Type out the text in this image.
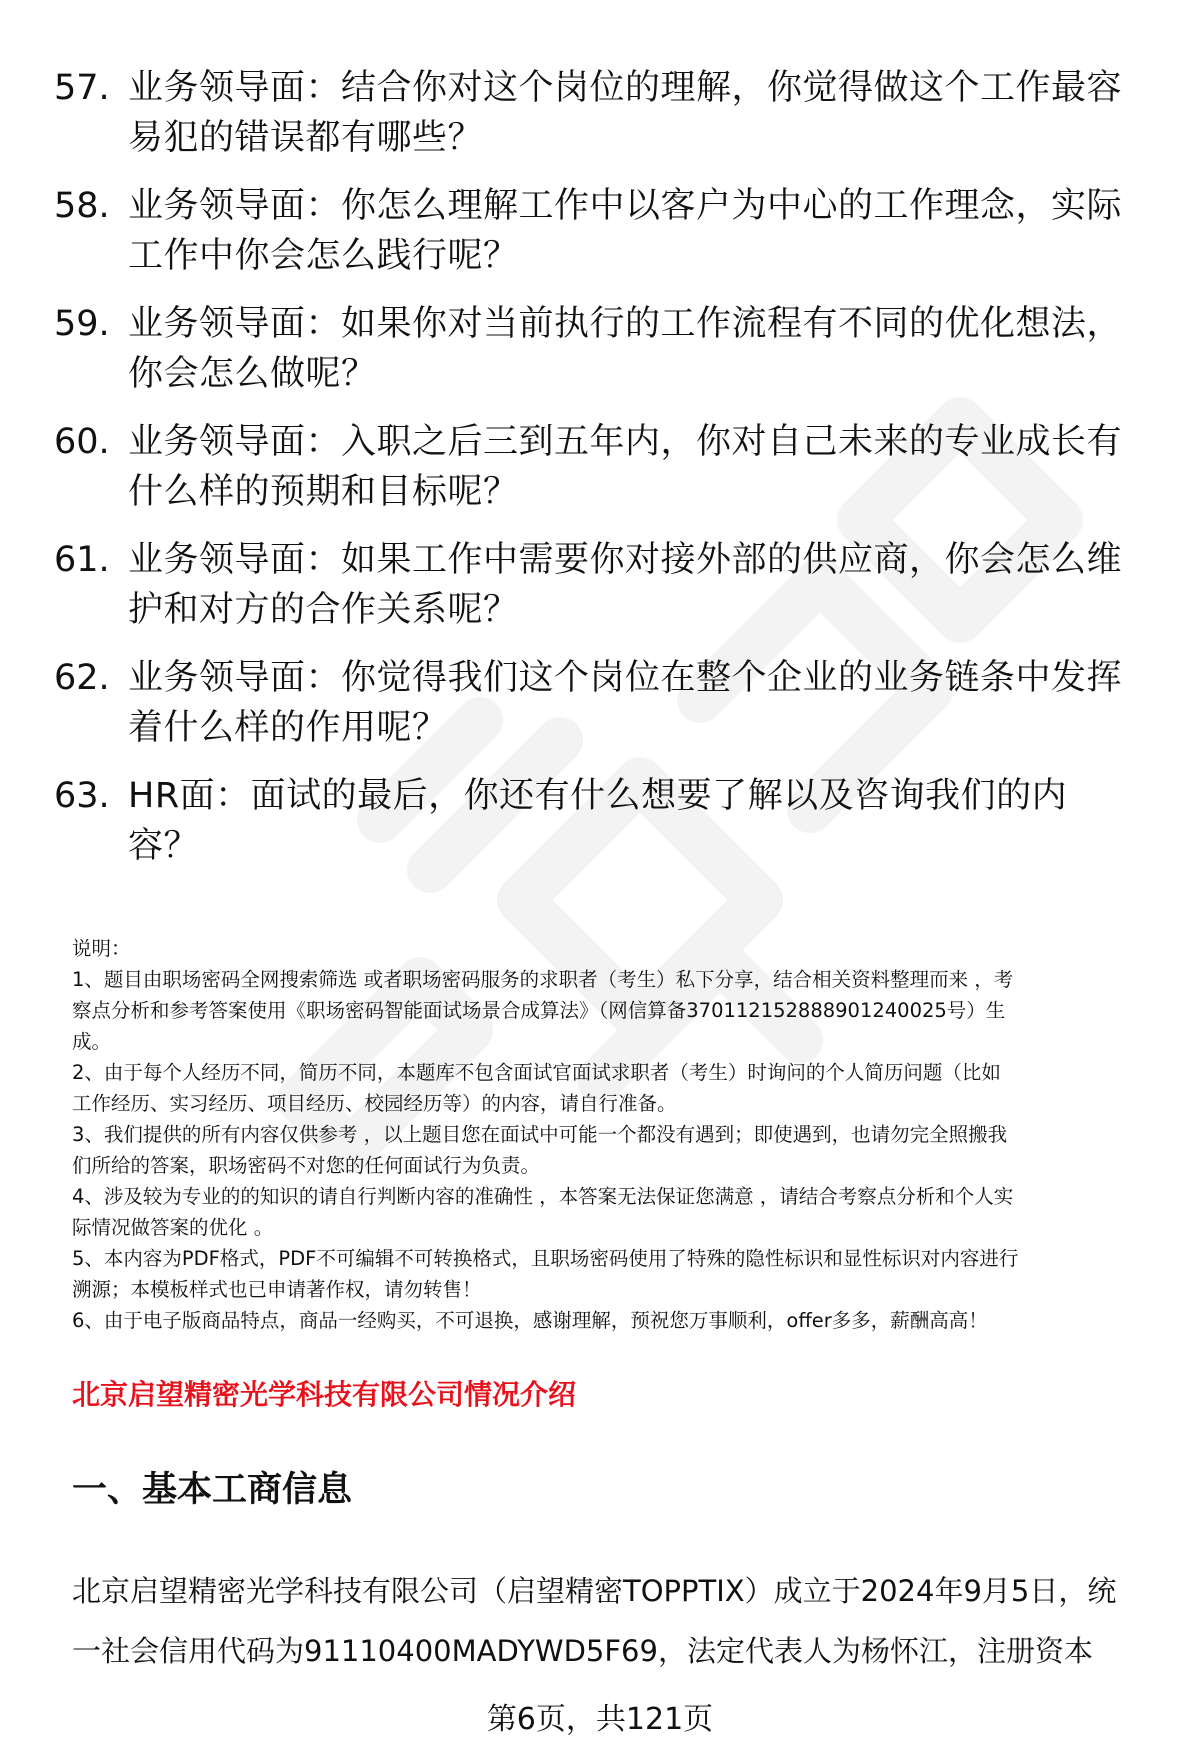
57. 业务领导面：结合你对这个岗位的理解，你觉得做这个工作最容
易犯的错误都有哪些？
58. 业务领导面：你怎么理解工作中以客户为中心的工作理念，实际
工作中你会怎么践行呢？
59. 业务领导面：如果你对当前执行的工作流程有不同的优化想法，
你会怎么做呢？
60. 业务领导面：入职之后三到五年内，你对自己未来的专业成长有
什么样的预期和目标呢？
61. 业务领导面：如果工作中需要你对接外部的供应商，你会怎么维
护和对方的合作关系呢？
62. 业务领导面：你觉得我们这个岗位在整个企业的业务链条中发挥
着什么样的作用呢？
63. HR面：面试的最后，你还有什么想要了解以及咨询我们的内容？
说明：
1、题目由职场密码全网搜索筛选 或者职场密码服务的求职者（考生）私下分享，结合相关资料整理而来 ，考
察点分析和参考答案使用《职场密码智能面试场景合成算法》（网信算备370112152888901240025号）生
成。
2、由于每个人经历不同，简历不同，本题库不包含面试官面试求职者（考生）时询问的个人简历问题（比如
工作经历、实习经历、项目经历、校园经历等）的内容，请自行准备。
3、我们提供的所有内容仅供参考 ，以上题目您在面试中可能一个都没有遇到；即使遇到，也请勿完全照搬我
们所给的答案，职场密码不对您的任何面试行为负责。
4、涉及较为专业的的知识的请自行判断内容的准确性 ，本答案无法保证您满意 ，请结合考察点分析和个人实
际情况做答案的优化 。
5、本内容为PDF格式，PDF不可编辑不可转换格式，且职场密码使用了特殊的隐性标识和显性标识对内容进行
溯源；本模板样式也已申请著作权，请勿转售！
6、由于电子版商品特点，商品一经购买，不可退换，感谢理解，预祝您万事顺利，offer多多，薪酬高高！
北京启望精密光学科技有限公司情况介绍
一、基本工商信息
北京启望精密光学科技有限公司（启望精密TOPPTIX）成立于2024年9月5日，统
一社会信用代码为91110400MADYWD5F69，法定代表人为杨怀江，注册资本
第6页，共121页
